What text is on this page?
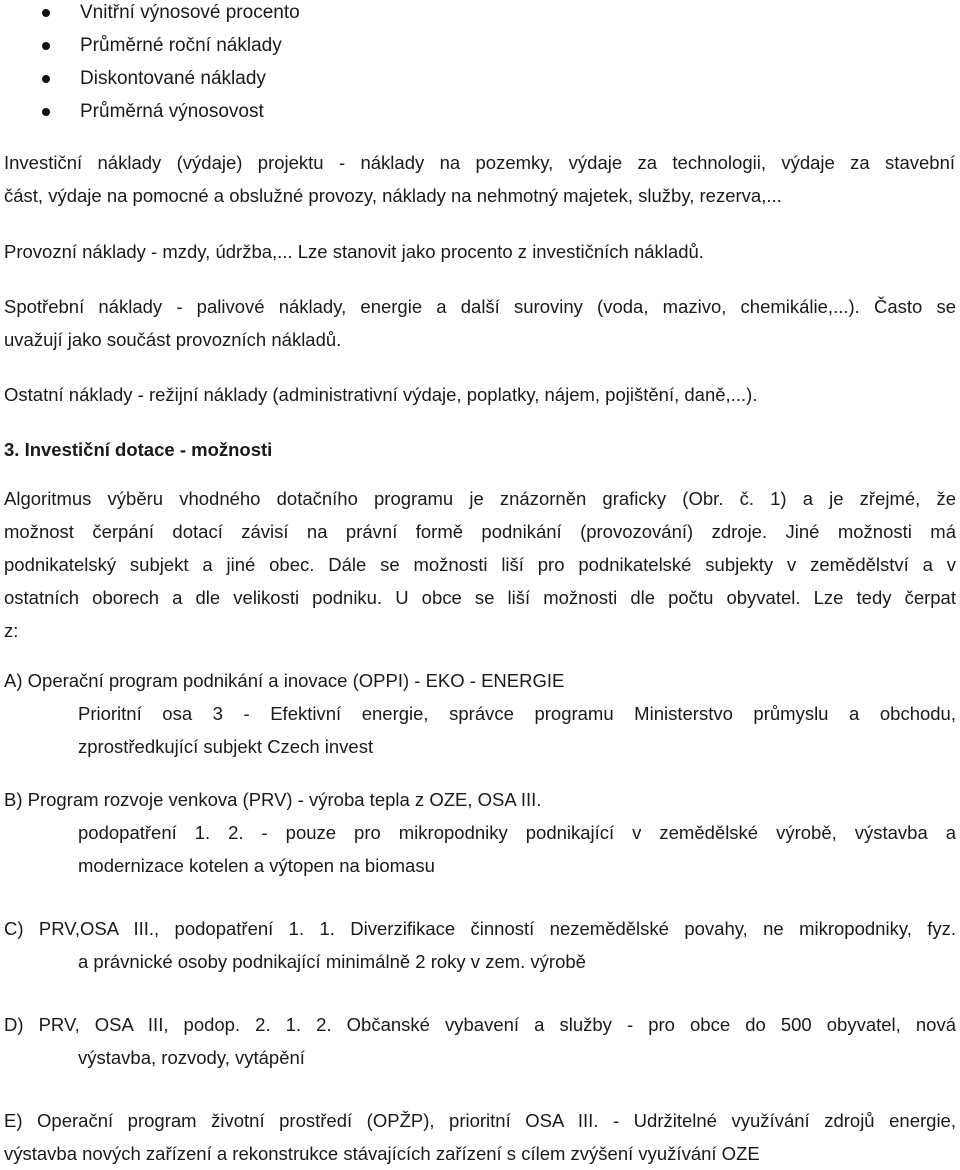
Vnitřní výnosové procento
Průměrné roční náklady
Diskontované náklady
Průměrná výnosovost
Investiční náklady (výdaje) projektu - náklady na pozemky, výdaje za technologii, výdaje za stavební
část, výdaje na pomocné a obslužné provozy, náklady na nehmotný majetek, služby, rezerva,...
Provozní náklady - mzdy, údržba,... Lze stanovit jako procento z investičních nákladů.
Spotřební náklady - palivové náklady, energie a další suroviny (voda, mazivo, chemikálie,...). Často se
uvažují jako součást provozních nákladů.
Ostatní náklady - režijní náklady (administrativní výdaje, poplatky, nájem, pojištění, daně,...).
3. Investiční dotace - možnosti
Algoritmus výběru vhodného dotačního programu je znázorněn graficky (Obr. č. 1) a je zřejmé, že
možnost čerpání dotací závisí na právní formě podnikání (provozování) zdroje. Jiné možnosti má
podnikatelský subjekt a jiné obec. Dále se možnosti liší pro podnikatelské subjekty v zemědělství a v
ostatních oborech a dle velikosti podniku. U obce se liší možnosti dle počtu obyvatel. Lze tedy čerpat
z:
A) Operační program podnikání a inovace (OPPI) - EKO - ENERGIE
Prioritní osa 3 - Efektivní energie, správce programu Ministerstvo průmyslu a obchodu,
zprostředkující subjekt Czech invest
B) Program rozvoje venkova (PRV) - výroba tepla z OZE, OSA III.
podopatření 1. 2. - pouze pro mikropodniky podnikající v zemědělské výrobě, výstavba a
modernizace kotelen a výtopen na biomasu
C) PRV,OSA III., podopatření 1. 1. Diverzifikace činností nezemědělské povahy, ne mikropodniky, fyz.
a právnické osoby podnikající minimálně 2 roky v zem. výrobě
D) PRV, OSA III, podop. 2. 1. 2. Občanské vybavení a služby - pro obce do 500 obyvatel, nová
výstavba, rozvody, vytápění
E) Operační program životní prostředí (OPŽP), prioritní OSA III. - Udržitelné využívání zdrojů energie,
výstavba nových zařízení a rekonstrukce stávajících zařízení s cílem zvýšení využívání OZE
